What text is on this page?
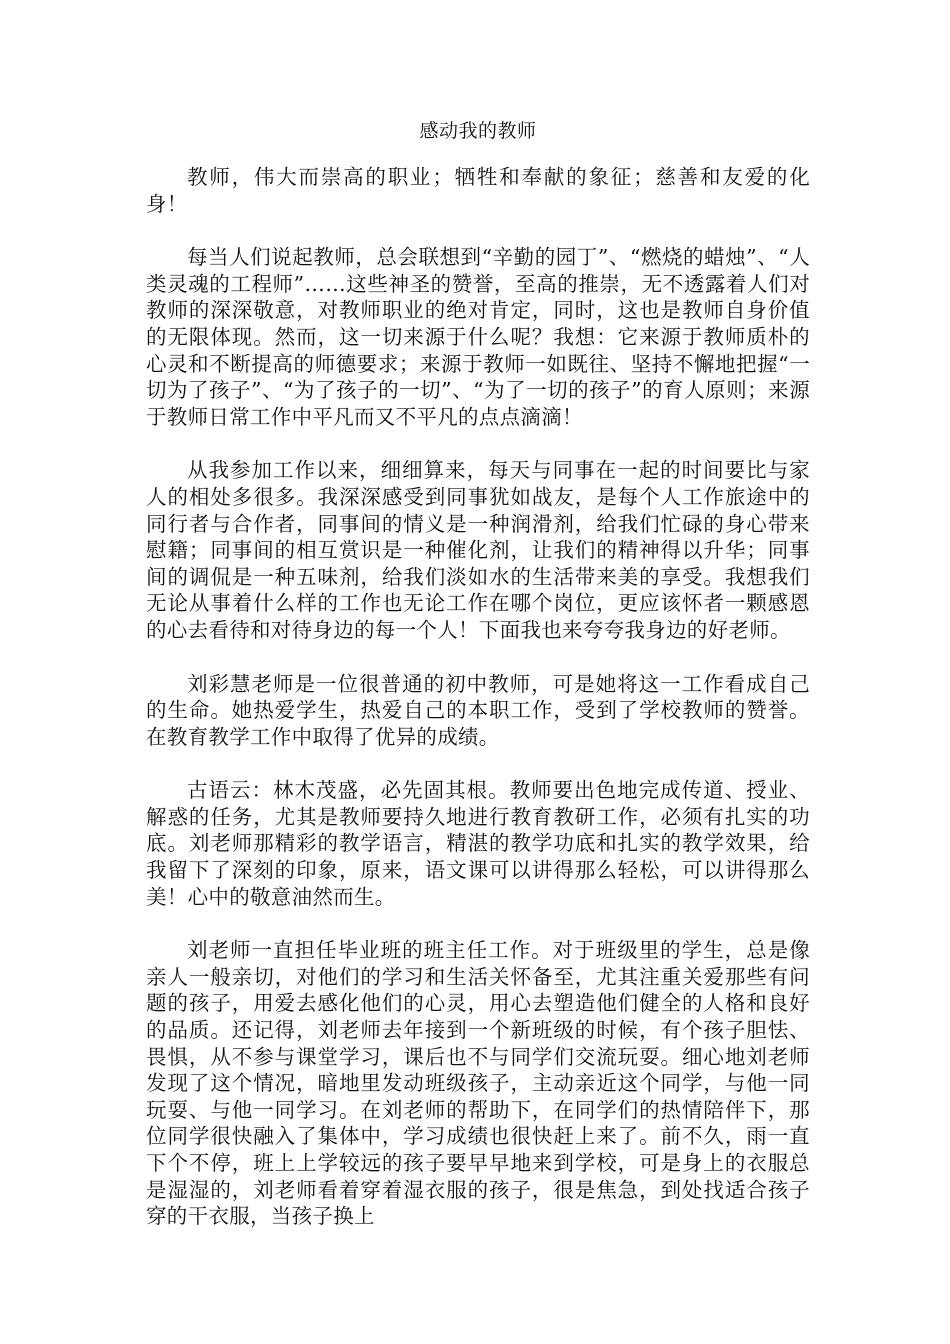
感动我的教师

教师，伟大而崇高的职业；牺牲和奉献的象征；慈善和友爱的化身！

每当人们说起教师，总会联想到“辛勤的园丁”、“燃烧的蜡烛”、“人类灵魂的工程师”……这些神圣的赞誉，至高的推崇，无不透露着人们对教师的深深敬意，对教师职业的绝对肯定，同时，这也是教师自身价值的无限体现。然而，这一切来源于什么呢？我想：它来源于教师质朴的心灵和不断提高的师德要求；来源于教师一如既往、坚持不懈地把握“一切为了孩子”、“为了孩子的一切”、“为了一切的孩子”的育人原则；来源于教师日常工作中平凡而又不平凡的点点滴滴！

从我参加工作以来，细细算来，每天与同事在一起的时间要比与家人的相处多很多。我深深感受到同事犹如战友，是每个人工作旅途中的同行者与合作者，同事间的情义是一种润滑剂，给我们忙碌的身心带来慰籍；同事间的相互赏识是一种催化剂，让我们的精神得以升华；同事间的调侃是一种五味剂，给我们淡如水的生活带来美的享受。我想我们无论从事着什么样的工作也无论工作在哪个岗位，更应该怀者一颗感恩的心去看待和对待身边的每一个人！下面我也来夸夸我身边的好老师。

刘彩慧老师是一位很普通的初中教师，可是她将这一工作看成自己的生命。她热爱学生，热爱自己的本职工作，受到了学校教师的赞誉。在教育教学工作中取得了优异的成绩。

古语云：林木茂盛，必先固其根。教师要出色地完成传道、授业、解惑的任务，尤其是教师要持久地进行教育教研工作，必须有扎实的功底。刘老师那精彩的教学语言，精湛的教学功底和扎实的教学效果，给我留下了深刻的印象，原来，语文课可以讲得那么轻松，可以讲得那么美！心中的敬意油然而生。

刘老师一直担任毕业班的班主任工作。对于班级里的学生，总是像亲人一般亲切，对他们的学习和生活关怀备至，尤其注重关爱那些有问题的孩子，用爱去感化他们的心灵，用心去塑造他们健全的人格和良好的品质。还记得，刘老师去年接到一个新班级的时候，有个孩子胆怯、畏惧，从不参与课堂学习，课后也不与同学们交流玩耍。细心地刘老师发现了这个情况，暗地里发动班级孩子，主动亲近这个同学，与他一同玩耍、与他一同学习。在刘老师的帮助下，在同学们的热情陪伴下，那位同学很快融入了集体中，学习成绩也很快赶上来了。前不久，雨一直下个不停，班上上学较远的孩子要早早地来到学校，可是身上的衣服总是湿湿的，刘老师看着穿着湿衣服的孩子，很是焦急，到处找适合孩子穿的干衣服，当孩子换上
